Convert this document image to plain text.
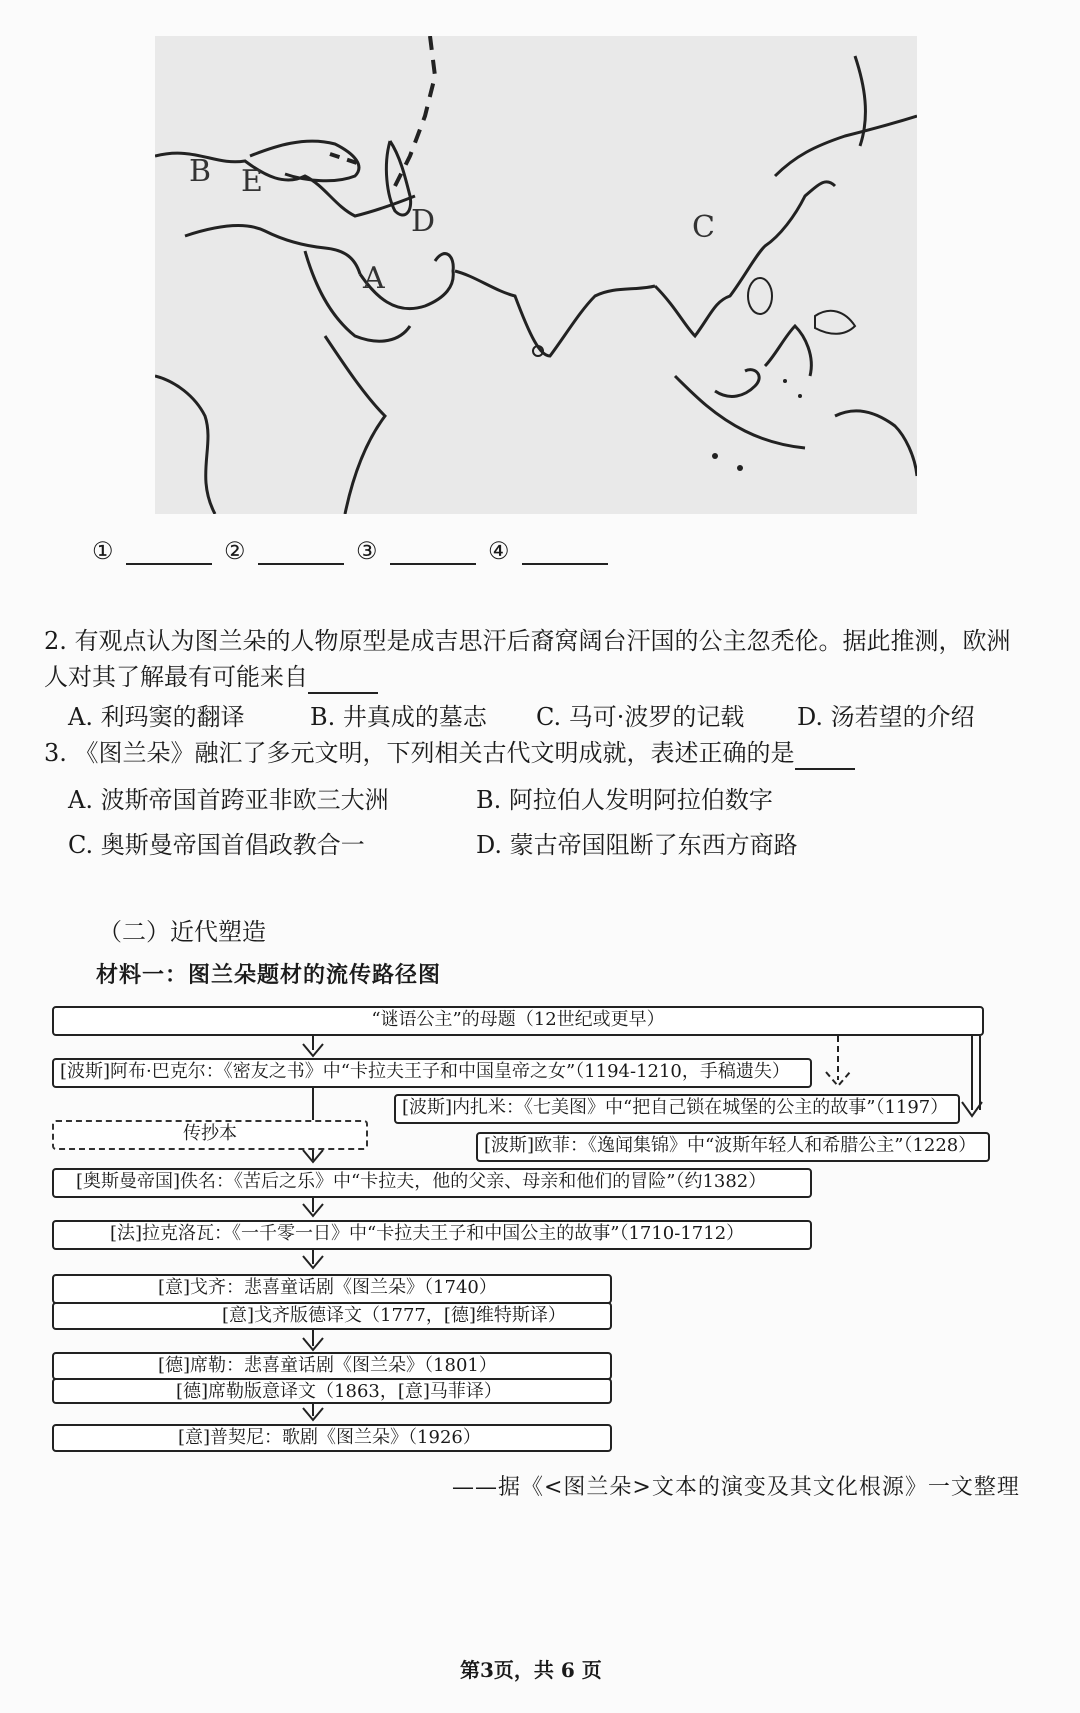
A
B
C
D
E
①	②	③	④
2. 有观点认为图兰朵的人物原型是成吉思汗后裔窝阔台汗国的公主忽禿伦。据此推测，欧洲
人对其了解最有可能来自
A. 利玛窦的翻译	B. 井真成的墓志 C. 马可·波罗的记载 D. 汤若望的介绍
3. 《图兰朵》融汇了多元文明，下列相关古代文明成就，表述正确的是
A. 波斯帝国首跨亚非欧三大洲	B. 阿拉伯人发明阿拉伯数字
C. 奥斯曼帝国首倡政教合一	D. 蒙古帝国阻断了东西方商路
（二）近代塑造
材料一：图兰朵题材的流传路径图
“谜语公主”的母题（12世纪或更早）
[波斯]阿布·巴克尔：《密友之书》中“卡拉夫王子和中国皇帝之女”（1194-1210，手稿遗失）
[波斯]内扎米：《七美图》中“把自己锁在城堡的公主的故事”（1197）
传抄本
[波斯]欧菲：《逸闻集锦》中“波斯年轻人和希腊公主”（1228）
[奥斯曼帝国]佚名：《苦后之乐》中“卡拉夫，他的父亲、母亲和他们的冒险”（约1382）
[法]拉克洛瓦：《一千零一日》中“卡拉夫王子和中国公主的故事”（1710-1712）
[意]戈齐：悲喜童话剧《图兰朵》（1740）
[意]戈齐版德译文（1777，[德]维特斯译）
[德]席勒：悲喜童话剧《图兰朵》（1801）
[德]席勒版意译文（1863，[意]马菲译）
[意]普契尼：歌剧《图兰朵》（1926）
——据《<图兰朵>文本的演变及其文化根源》一文整理
第3页，共 6 页
